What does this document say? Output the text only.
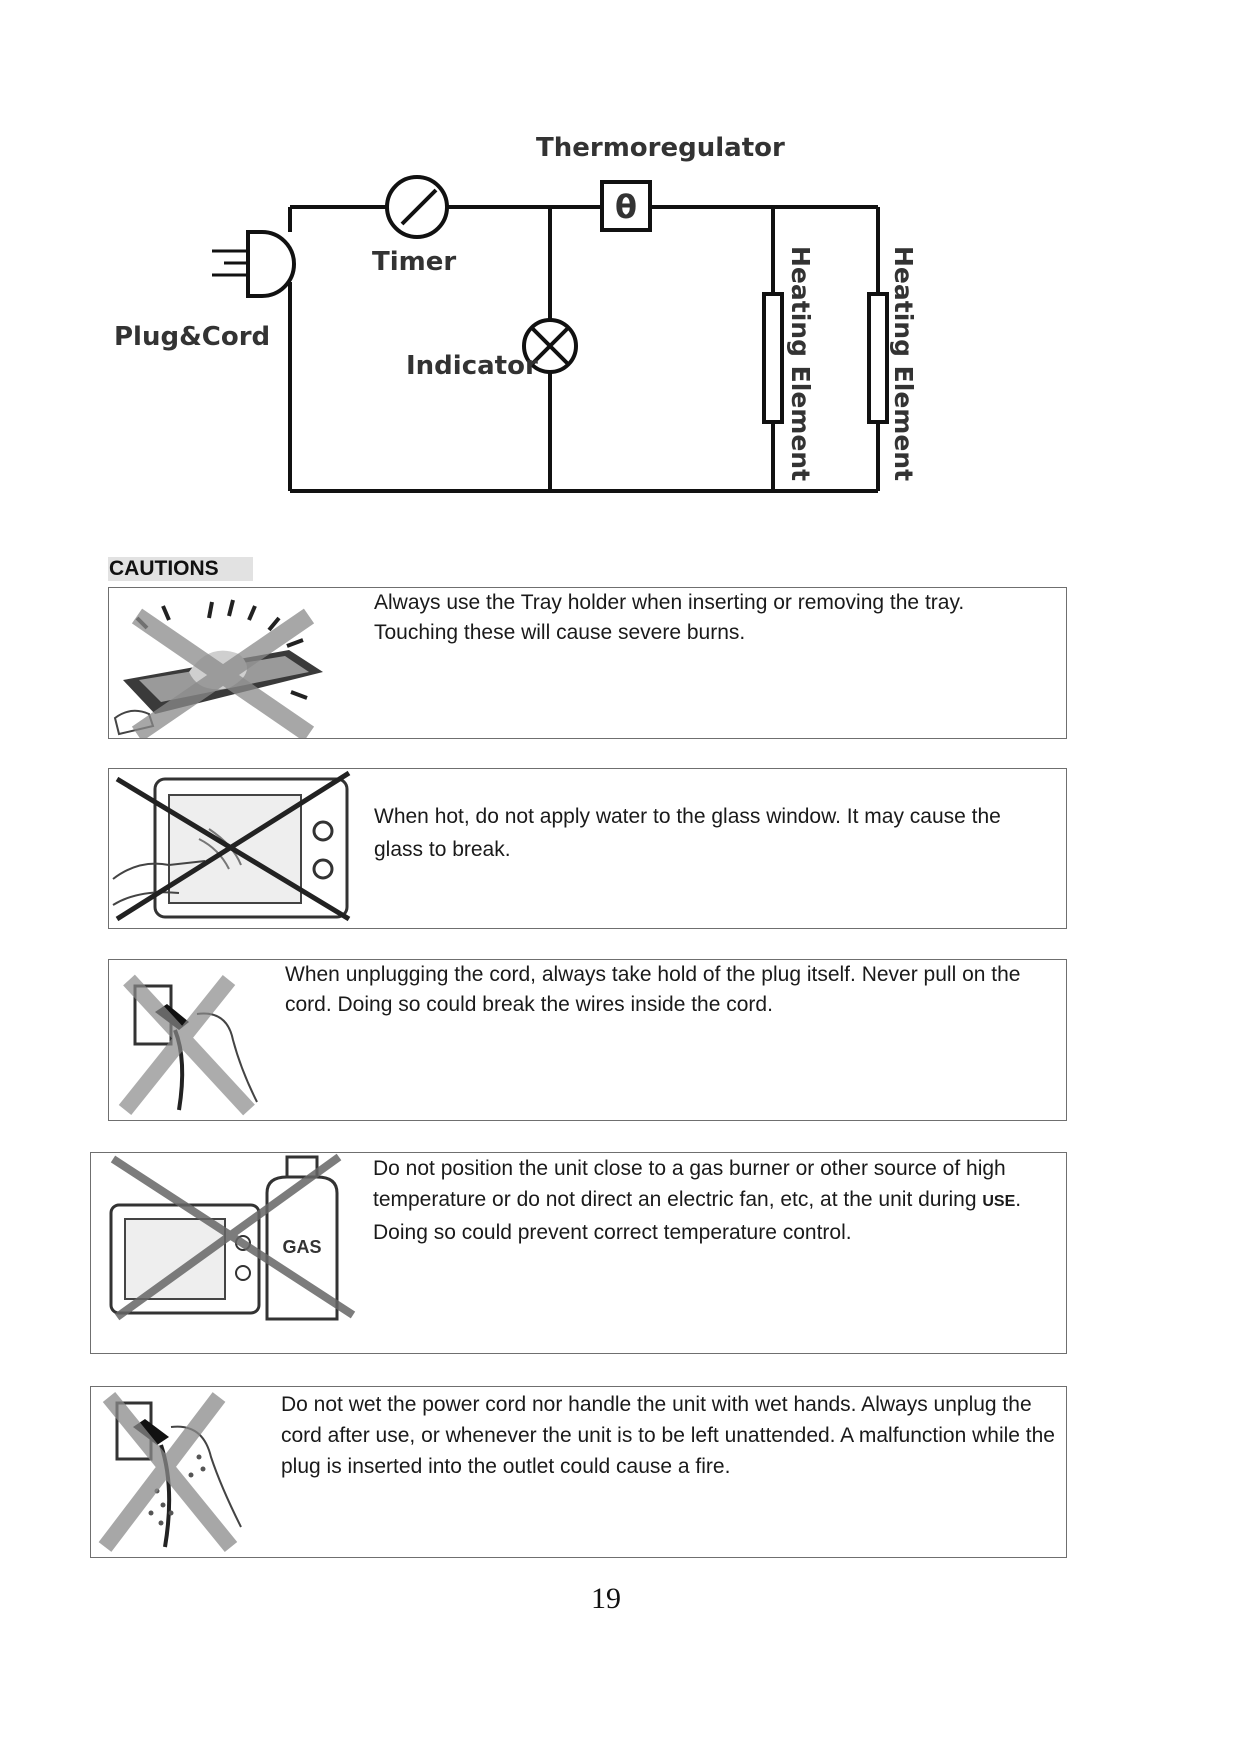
Timer
θ
Thermoregulator
Indicator
Plug&Cord	Heating Element	Heating Element
CAUTIONS
Always use the Tray holder when inserting or removing the tray. Touching these will cause severe burns.
When hot, do not apply water to the glass window. It may cause the glass to break.
When unplugging the cord, always take hold of the plug itself. Never pull on the cord. Doing so could break the wires inside the cord.
GAS
Do not position the unit close to a gas burner or other source of high temperature or do not direct an electric fan, etc, at the unit during USE. Doing so could prevent correct temperature control.
Do not wet the power cord nor handle the unit with wet hands. Always unplug the cord after use, or whenever the unit is to be left unattended. A malfunction while the plug is inserted into the outlet could cause a fire.
19
